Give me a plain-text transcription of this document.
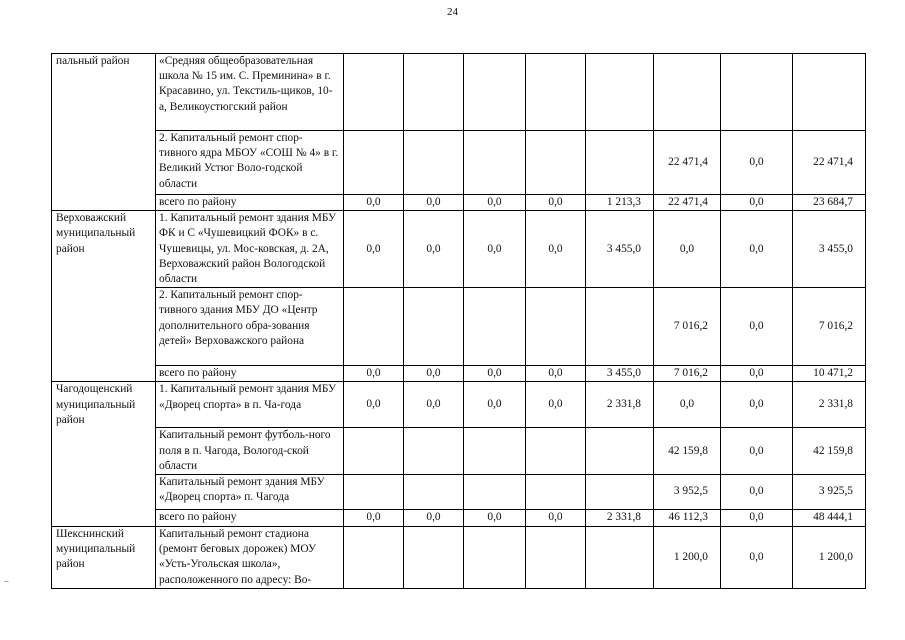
24
–
пальный район	«Средняя общеобразовательная школа № 15 им. С. Преминина» в г. Красавино, ул. Текстиль-щиков, 10-а, Великоустюгский район								
	2. Капитальный ремонт спор-тивного ядра МБОУ «СОШ № 4» в г. Великий Устюг Воло-годской области						22 471,4	0,0	22 471,4
	всего по району	0,0	0,0	0,0	0,0	1 213,3	22 471,4	0,0	23 684,7
Верховажский муниципальный район	1. Капитальный ремонт здания МБУ ФК и С «Чушевицкий ФОК» в с. Чушевицы, ул. Мос-ковская, д. 2А, Верховажский район Вологодской области	0,0	0,0	0,0	0,0	3 455,0	0,0	0,0	3 455,0
	2. Капитальный ремонт спор-тивного здания МБУ ДО «Центр дополнительного обра-зования детей» Верховажского района						7 016,2	0,0	7 016,2
	всего по району	0,0	0,0	0,0	0,0	3 455,0	7 016,2	0,0	10 471,2
Чагодощенский муниципальный район	1. Капитальный ремонт здания МБУ «Дворец спорта» в п. Ча-года	0,0	0,0	0,0	0,0	2 331,8	0,0	0,0	2 331,8
	Капитальный ремонт футболь-ного поля в п. Чагода, Вологод-ской области						42 159,8	0,0	42 159,8
	Капитальный ремонт здания МБУ «Дворец спорта» п. Чагода						3 952,5	0,0	3 925,5
	всего по району	0,0	0,0	0,0	0,0	2 331,8	46 112,3	0,0	48 444,1
Шекснинский муниципальный район	Капитальный ремонт стадиона (ремонт беговых дорожек) МОУ «Усть-Угольская школа», расположенного по адресу: Во-						1 200,0	0,0	1 200,0
